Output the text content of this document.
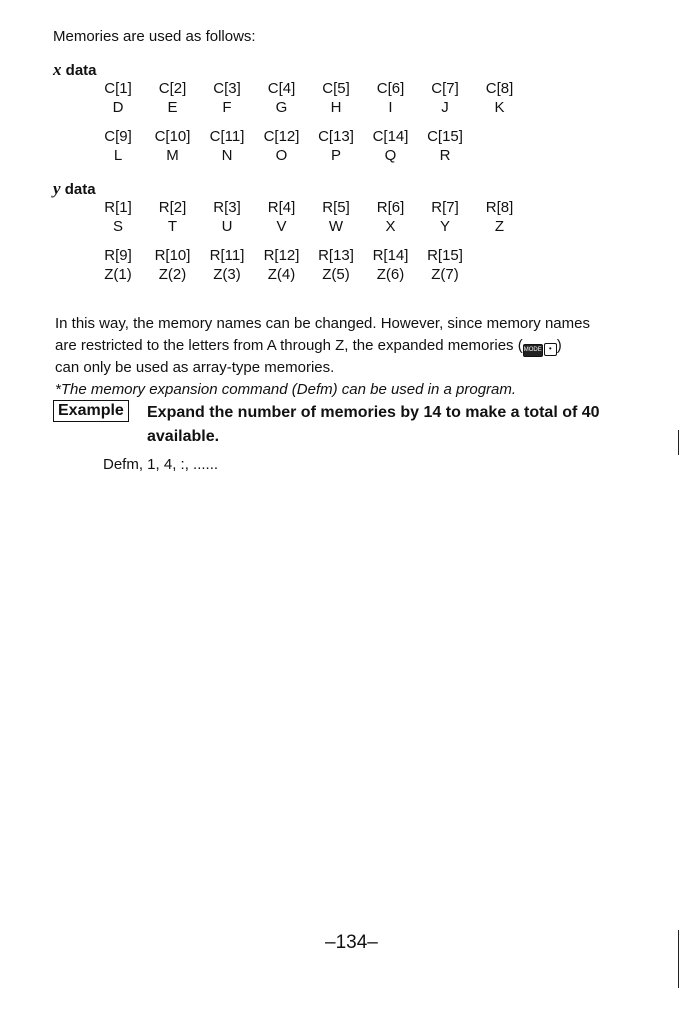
Memories are used as follows:
x data
C[1]	C[2]	C[3]	C[4]	C[5]	C[6]	C[7]	C[8]
D	E	F	G	H	I	J	K
C[9]	C[10]	C[11]	C[12]	C[13]	C[14]	C[15]
L	M	N	O	P	Q	R
y data
R[1]	R[2]	R[3]	R[4]	R[5]	R[6]	R[7]	R[8]
S	T	U	V	W	X	Y	Z
R[9]	R[10]	R[11]	R[12]	R[13]	R[14]	R[15]
Z(1)	Z(2)	Z(3)	Z(4)	Z(5)	Z(6)	Z(7)
In this way, the memory names can be changed. However, since memory names
are restricted to the letters from A through Z, the expanded memories (MODE • )
can only be used as array-type memories.
*The memory expansion command (Defm) can be used in a program.
Example	Expand the number of memories by 14 to make a total of 40
available.
Defm, 1, 4, :, ......
–134–
